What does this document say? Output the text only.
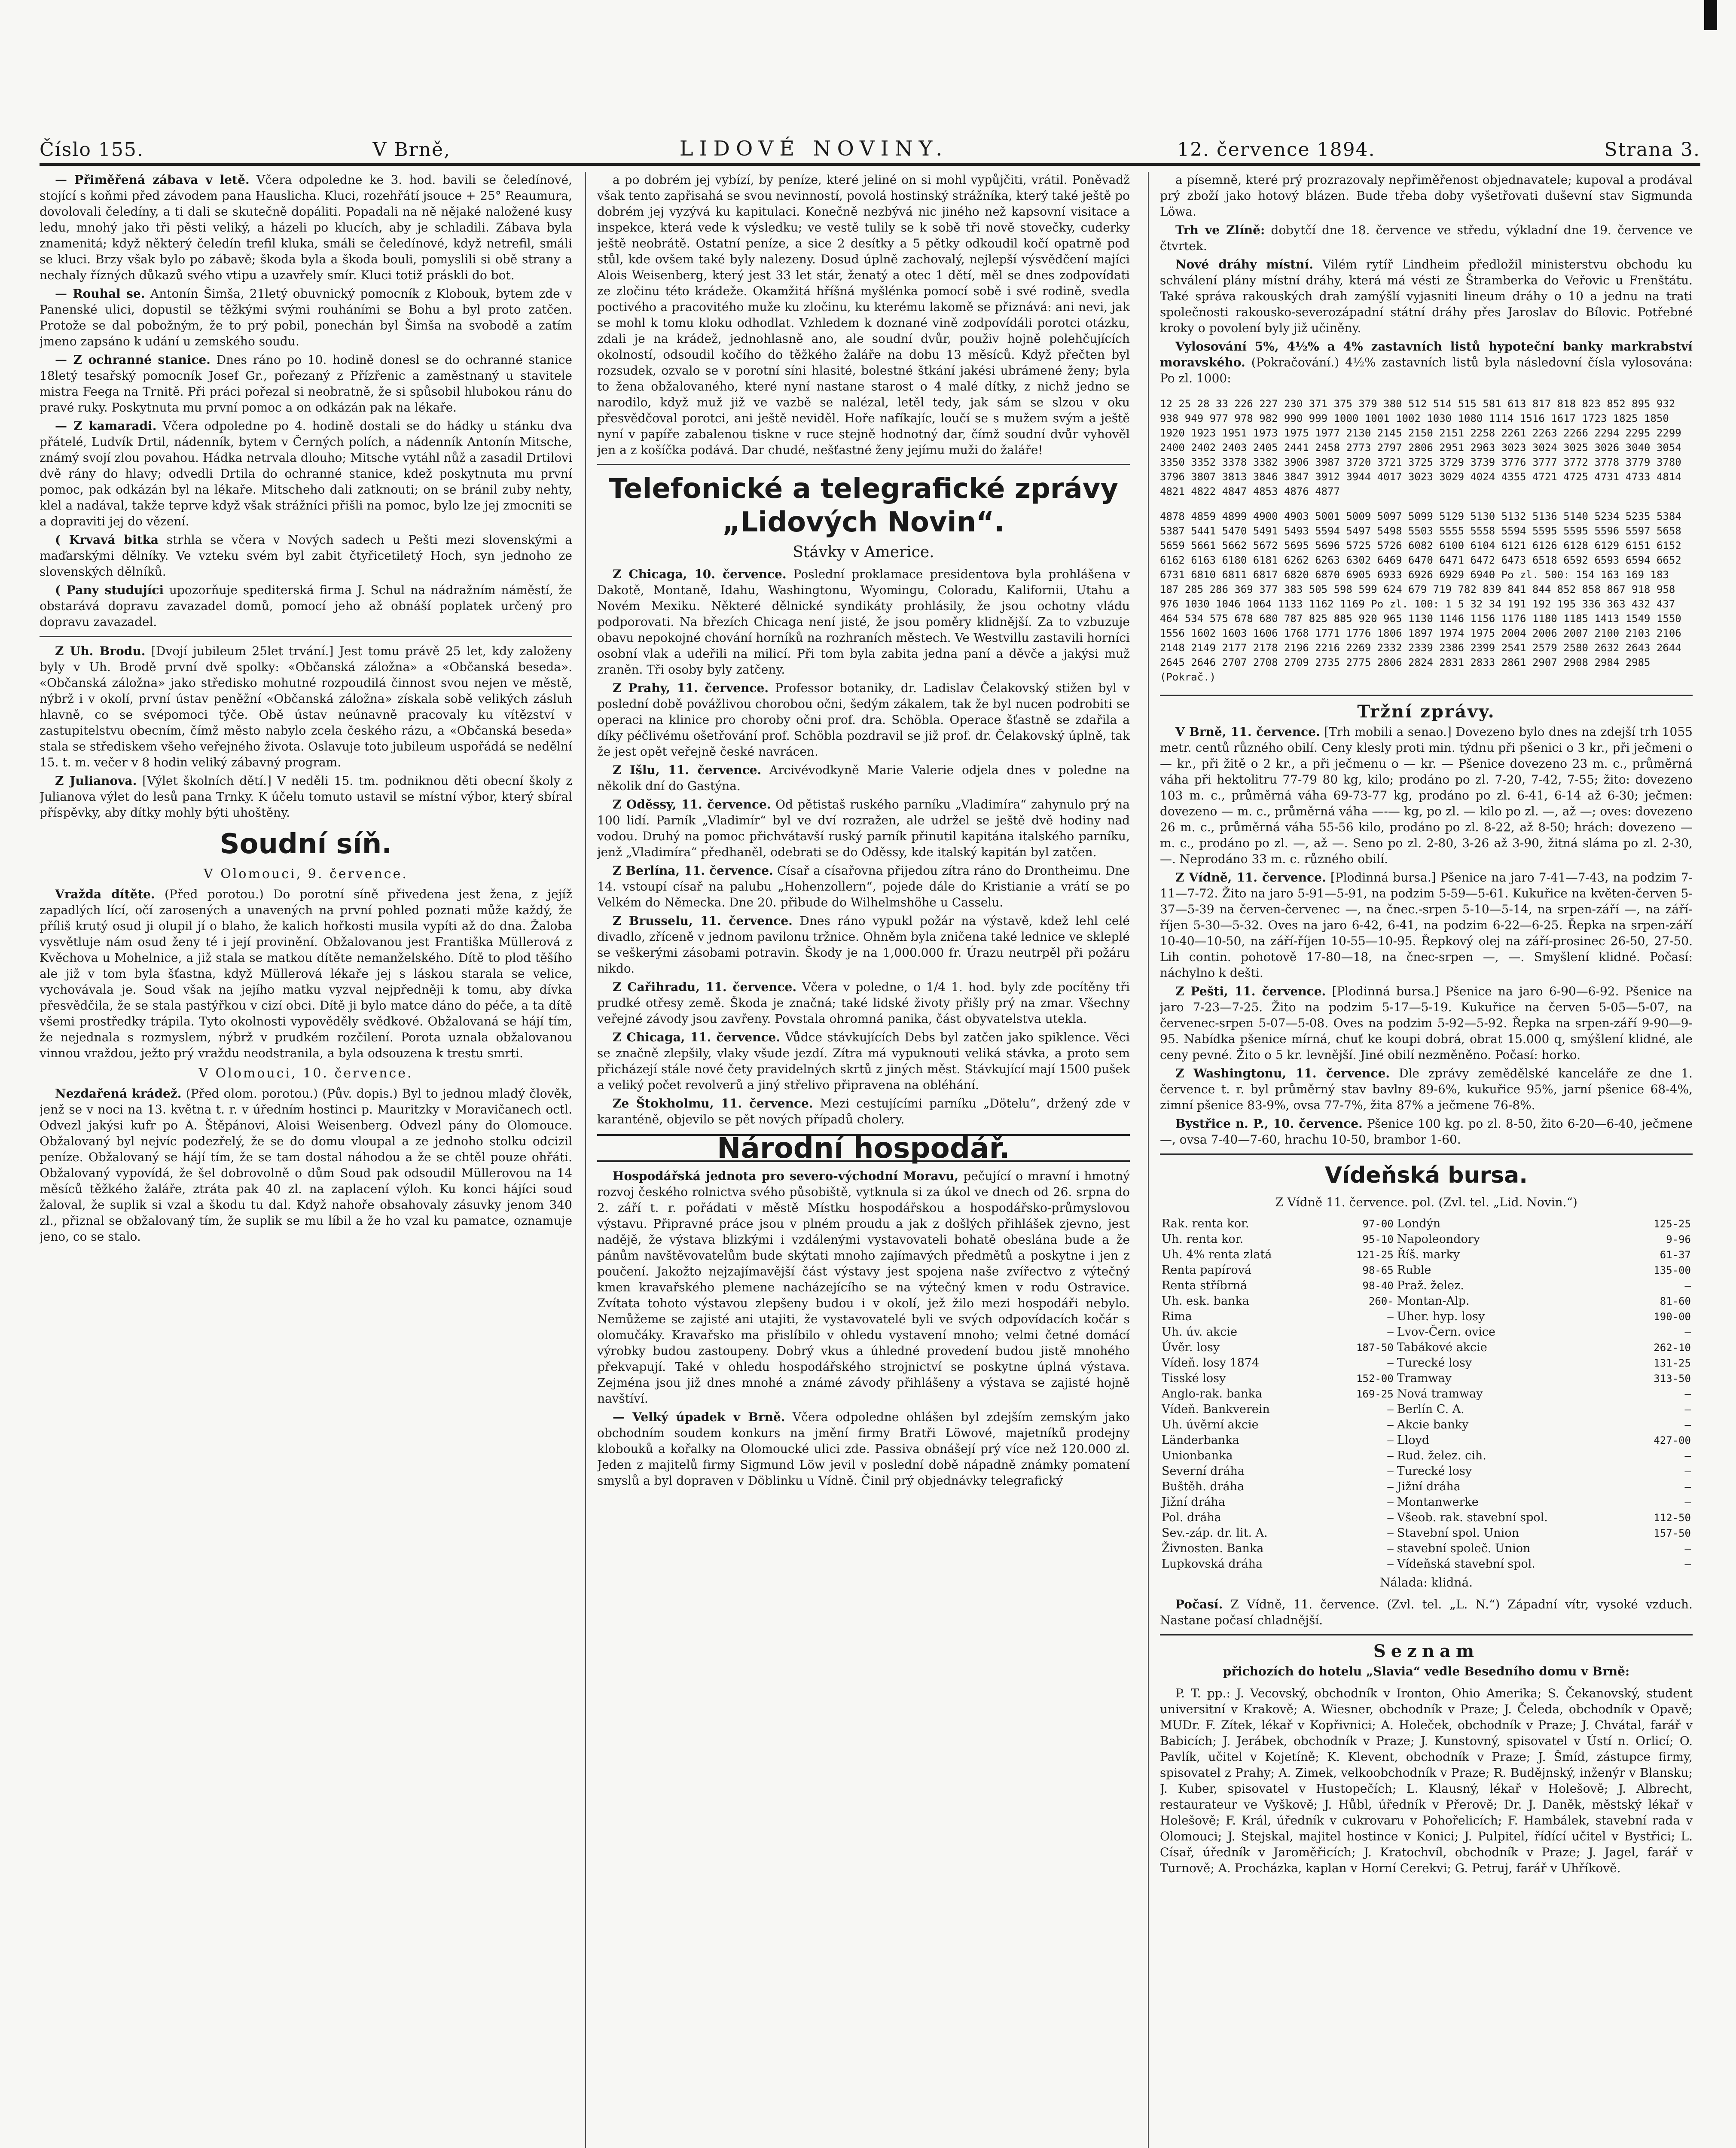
Číslo 155.	V Brně,	LIDOVÉ NOVINY.	12. července 1894.	Strana 3.

— Přiměřená zábava v letě. Včera odpoledne ke 3. hod. bavili se čeledínové, stojící s koňmi před závodem pana Hauslicha. Kluci, rozehřátí jsouce + 25° Reaumura, dovolovali čeledíny, a ti dali se skutečně dopáliti. Popadali na ně nějaké naložené kusy ledu, mnohý jako tři pěsti veliký, a házeli po klucích, aby je schladili. Zábava byla znamenitá; když některý čeledín trefil kluka, smáli se čeledínové, když netrefil, smáli se kluci. Brzy však bylo po zábavě; škoda byla a škoda bouli, pomyslili si obě strany a nechaly řízných důkazů svého vtipu a uzavřely smír. Kluci totiž práskli do bot.

— Rouhal se. Antonín Šimša, 21letý obuvnický pomocník z Klobouk, bytem zde v Panenské ulici, dopustil se těžkými svými rouháními se Bohu a byl proto zatčen. Protože se dal pobožným, že to prý pobil, ponechán byl Šimša na svobodě a zatím jmeno zapsáno k udání u zemského soudu.

— Z ochranné stanice. Dnes ráno po 10. hodině donesl se do ochranné stanice 18letý tesařský pomocník Josef Gr., pořezaný z Přízřenic a zaměstnaný u stavitele mistra Feega na Trnitě. Při práci pořezal si neobratně, že si spůsobil hlubokou ránu do pravé ruky. Poskytnuta mu první pomoc a on odkázán pak na lékaře.

— Z kamaradi. Včera odpoledne po 4. hodině dostali se do hádky u stánku dva přátelé, Ludvík Drtil, nádenník, bytem v Černých polích, a nádenník Antonín Mitsche, známý svojí zlou povahou. Hádka netrvala dlouho; Mitsche vytáhl nůž a zasadil Drtilovi dvě rány do hlavy; odvedli Drtila do ochranné stanice, kdež poskytnuta mu první pomoc, pak odkázán byl na lékaře. Mitscheho dali zatknouti; on se bránil zuby nehty, klel a nadával, takže teprve když však strážníci přišli na pomoc, bylo lze jej zmocniti se a dopraviti jej do vězení.

( Krvavá bitka strhla se včera v Nových sadech u Pešti mezi slovenskými a maďarskými dělníky. Ve vzteku svém byl zabit čtyřicetiletý Hoch, syn jednoho ze slovenských dělníků.

( Pany studujíci upozorňuje spediterská firma J. Schul na nádražním náměstí, že obstarává dopravu zavazadel domů, pomocí jeho až obnáší poplatek určený pro dopravu zavazadel.

Z Uh. Brodu. [Dvojí jubileum 25let trvání.] Jest tomu právě 25 let, kdy založeny byly v Uh. Brodě první dvě spolky: «Občanská záložna» a «Občanská beseda». «Občanská záložna» jako středisko mohutné rozpoudilá činnost svou nejen ve městě, nýbrž i v okolí, první ústav peněžní «Občanská záložna» získala sobě velikých zásluh hlavně, co se svépomoci týče. Obě ústav neúnavně pracovaly ku vítězství v zastupitelstvu obecním, čímž město nabylo zcela českého rázu, a «Občanská beseda» stala se střediskem všeho veřejného života. Oslavuje toto jubileum uspořádá se nedělní 15. t. m. večer v 8 hodin veliký zábavný program.

Z Julianova. [Výlet školních dětí.] V neděli 15. tm. podniknou děti obecní školy z Julianova výlet do lesů pana Trnky. K účelu tomuto ustavil se místní výbor, který sbíral příspěvky, aby dítky mohly býti uhoštěny.

Soudní síň.
V Olomouci, 9. července.

Vražda dítěte. (Před porotou.) Do porotní síně přivedena jest žena, z jejíž zapadlých lící, očí zarosených a unavených na první pohled poznati může každý, že příliš krutý osud ji olupil jí o blaho, že kalich hořkosti musila vypíti až do dna. Žaloba vysvětluje nám osud ženy té i její provinění. Obžalovanou jest Františka Müllerová z Kvěchova u Mohelnice, a již stala se matkou dítěte nemanželského. Dítě to plod těšího ale již v tom byla šťastna, když Müllerová lékaře jej s láskou starala se velice, vychovávala je. Soud však na jejího matku vyzval nejpředněji k tomu, aby dívka přesvědčila, že se stala pastýřkou v cizí obci. Dítě ji bylo matce dáno do péče, a ta dítě všemi prostředky trápila. Tyto okolnosti vypověděly svědkové. Obžalovaná se hájí tím, že nejednala s rozmyslem, nýbrž v prudkém rozčilení. Porota uznala obžalovanou vinnou vraždou, ježto prý vraždu neodstranila, a byla odsouzena k trestu smrti.

V Olomouci, 10. července.

Nezdařená krádež. (Před olom. porotou.) (Pův. dopis.) Byl to jednou mladý člověk, jenž se v noci na 13. května t. r. v úředním hostinci p. Mauritzky v Moravičanech octl. Odvezl jakýsi kufr po A. Štěpánovi, Aloisi Weisenberg. Odvezl pány do Olomouce. Obžalovaný byl nejvíc podezřelý, že se do domu vloupal a ze jednoho stolku odcizil peníze. Obžalovaný se hájí tím, že se tam dostal náhodou a že se chtěl pouze ohřáti. Obžalovaný vypovídá, že šel dobrovolně o dům Soud pak odsoudil Müllerovou na 14 měsíců těžkého žaláře, ztráta pak 40 zl. na zaplacení výloh. Ku konci hájíci soud žaloval, že suplik si vzal a škodu tu dal. Když nahoře obsahovaly zásuvky jenom 340 zl., přiznal se obžalovaný tím, že suplik se mu líbil a že ho vzal ku pamatce, oznamuje jeno, co se stalo.

a po dobrém jej vybízí, by peníze, které jeliné on si mohl vypůjčiti, vrátil. Poněvadž však tento zapřisahá se svou nevinností, povolá hostinský strážníka, který také ještě po dobrém jej vyzývá ku kapitulaci. Konečně nezbývá nic jiného než kapsovní visitace a inspekce, která vede k výsledku; ve vestě tulily se k sobě tři nově stovečky, cuderky ještě neobrátě. Ostatní peníze, a sice 2 desítky a 5 pětky odkoudil kočí opatrně pod stůl, kde ovšem také byly nalezeny. Dosud úplně zachovalý, nejlepší výsvědčení majíci Alois Weisenberg, který jest 33 let stár, ženatý a otec 1 dětí, měl se dnes zodpovídati ze zločinu této krádeže. Okamžitá hříšná myšlénka pomocí sobě i své rodině, svedla poctivého a pracovitého muže ku zločinu, ku kterému lakomě se přiznává: ani nevi, jak se mohl k tomu kloku odhodlat. Vzhledem k doznané vině zodpovídáli porotci otázku, zdali je na krádež, jednohlasně ano, ale soudní dvůr, použiv hojně polehčujících okolností, odsoudil kočího do těžkého žaláře na dobu 13 měsíců. Když přečten byl rozsudek, ozvalo se v porotní síni hlasité, bolestné štkání jakési ubrámené ženy; byla to žena obžalovaného, které nyní nastane starost o 4 malé dítky, z nichž jedno se narodilo, když muž již ve vazbě se nalézal, letěl tedy, jak sám se slzou v oku přesvědčoval porotci, ani ještě neviděl. Hoře nafíkajíc, loučí se s mužem svým a ještě nyní v papíře zabalenou tiskne v ruce stejně hodnotný dar, čímž soudní dvůr vyhověl jen a z košíčka podává. Dar chudé, nešťastné ženy jejímu muži do žaláře!

Telefonické a telegrafické zprávy „Lidových Novin“.
Stávky v Americe.

Z Chicaga, 10. července. Poslední proklamace presidentova byla prohlášena v Dakotě, Montaně, Idahu, Washingtonu, Wyomingu, Coloradu, Kalifornii, Utahu a Novém Mexiku. Některé dělnické syndikáty prohlásily, že jsou ochotny vládu podporovati. Na březích Chicaga není jisté, že jsou poměry klidnější. Za to vzbuzuje obavu nepokojné chování horníků na rozhraních městech. Ve Westvillu zastavili horníci osobní vlak a udeřili na milicí. Při tom byla zabita jedna paní a děvče a jakýsi muž zraněn. Tři osoby byly zatčeny.

Z Prahy, 11. července. Professor botaniky, dr. Ladislav Čelakovský stižen byl v poslední době povážlivou chorobou očni, šedým zákalem, tak že byl nucen podrobiti se operaci na klinice pro choroby očni prof. dra. Schöbla. Operace šťastně se zdařila a díky péčlivému ošetřování prof. Schöbla pozdravil se již prof. dr. Čelakovský úplně, tak že jest opět veřejně české navrácen.

Z Išlu, 11. července. Arcivévodkyně Marie Valerie odjela dnes v poledne na několik dní do Gastýna.

Z Oděssy, 11. července. Od pětistaš ruského parníku „Vladimíra“ zahynulo prý na 100 lidí. Parník „Vladimír“ byl ve dví rozražen, ale udržel se ještě dvě hodiny nad vodou. Druhý na pomoc přichvátavší ruský parník přinutil kapitána italského parníku, jenž „Vladimíra“ předhaněl, odebrati se do Oděssy, kde italský kapitán byl zatčen.

Z Berlína, 11. července. Císař a císařovna přijedou zítra ráno do Drontheimu. Dne 14. vstoupí císař na palubu „Hohenzollern“, pojede dále do Kristianie a vrátí se po Velkém do Německa. Dne 20. přibude do Wilhelmshöhe u Casselu.

Z Brusselu, 11. července. Dnes ráno vypukl požár na výstavě, kdež lehl celé divadlo, zříceně v jednom pavilonu tržnice. Ohněm byla zničena také lednice ve skleplé se veškerými zásobami potravin. Škody je na 1,000.000 fr. Úrazu neutrpěl při požáru nikdo.

Z Cařihradu, 11. července. Včera v poledne, o 1/4 1. hod. byly zde pocítěny tři prudké otřesy země. Škoda je značná; také lidské životy přišly prý na zmar. Všechny veřejné závody jsou zavřeny. Povstala ohromná panika, část obyvatelstva utekla.

Z Chicaga, 11. července. Vůdce stávkujících Debs byl zatčen jako spiklence. Věci se značně zlepšily, vlaky všude jezdí. Zítra má vypuknouti veliká stávka, a proto sem přicházejí stále nové čety pravidelných skrtů z jiných měst. Stávkující mají 1500 pušek a veliký počet revolverů a jiný střelivo připravena na obléhání.

Ze Štokholmu, 11. července. Mezi cestujícími parníku „Dötelu“, držený zde v karanténě, objevilo se pět nových případů cholery.

Národní hospodář.

Hospodářská jednota pro severo-východní Moravu, pečující o mravní i hmotný rozvoj českého rolnictva svého působiště, vytknula si za úkol ve dnech od 26. srpna do 2. září t. r. pořádati v městě Místku hospodářskou a hospodářsko-průmyslovou výstavu. Připravné práce jsou v plném proudu a jak z došlých přihlášek zjevno, jest nadějě, že výstava blizkými i vzdálenými vystavovateli bohatě obeslána bude a že pánům navštěvovatelům bude skýtati mnoho zajímavých předmětů a poskytne i jen z poučení. Jakožto nejzajímavější část výstavy jest spojena naše zvířectvo z výtečný kmen kravařského plemene nacházejícího se na výtečný kmen v rodu Ostravice. Zvítata tohoto výstavou zlepšeny budou i v okolí, jež žilo mezi hospodáři nebylo. Nemůžeme se zajisté ani utajiti, že vystavovatelé byli ve svých odpovídacích kočár s olomučáky. Kravařsko ma přislíbilo v ohledu vystavení mnoho; velmi četné domácí výrobky budou zastoupeny. Dobrý vkus a úhledné provedení budou jistě mnohého překvapují. Také v ohledu hospodářského strojnictví se poskytne úplná výstava. Zejména jsou již dnes mnohé a známé závody přihlášeny a výstava se zajisté hojně navštíví.

— Velký úpadek v Brně. Včera odpoledne ohlášen byl zdejším zemským jako obchodním soudem konkurs na jmění firmy Bratři Löwové, majetníků prodejny klobouků a kořalky na Olomoucké ulici zde. Passiva obnášejí prý více než 120.000 zl. Jeden z majitelů firmy Sigmund Löw jevil v poslední době nápadně známky pomatení smyslů a byl dopraven v Döblinku u Vídně. Činil prý objednávky telegrafický

a písemně, které prý prozrazovaly nepřiměřenost objednavatele; kupoval a prodával prý zboží jako hotový blázen. Bude třeba doby vyšetřovati duševní stav Sigmunda Löwa.

Trh ve Zlíně: dobytčí dne 18. července ve středu, výkladní dne 19. července ve čtvrtek.

Nové dráhy místní. Vilém rytíř Lindheim předložil ministerstvu obchodu ku schválení plány místní dráhy, která má vésti ze Štramberka do Veřovic u Frenštátu. Také správa rakouských drah zamýšlí vyjasniti lineum dráhy o 10 a jednu na trati společnosti rakousko-severozápadní státní dráhy přes Jaroslav do Bílovic. Potřebné kroky o povolení byly již učiněny.

Vylosování 5%, 4½% a 4% zastavních listů hypoteční banky markrabství moravského. (Pokračování.) 4½% zastavních listů byla následovní čísla vylosována: Po zl. 1000:

12 25 28 33 226 227 230 371 375 379 380 512 514 515 581 613 817 818 823 852 895 932 938 949 977 978 982 990 999 1000 1001 1002 1030 1080 1114 1516 1617 1723 1825 1850 1920 1923 1951 1973 1975 1977 2130 2145 2150 2151 2258 2261 2263 2266 2294 2295 2299 2400 2402 2403 2405 2441 2458 2773 2797 2806 2951 2963 3023 3024 3025 3026 3040 3054 3350 3352 3378 3382 3906 3987 3720 3721 3725 3729 3739 3776 3777 3772 3778 3779 3780 3796 3807 3813 3846 3847 3912 3944 4017 3023 3029 4024 4355 4721 4725 4731 4733 4814 4821 4822 4847 4853 4876 4877

4878 4859 4899 4900 4903 5001 5009 5097 5099 5129 5130 5132 5136 5140 5234 5235 5384 5387 5441 5470 5491 5493 5594 5497 5498 5503 5555 5558 5594 5595 5595 5596 5597 5658 5659 5661 5662 5672 5695 5696 5725 5726 6082 6100 6104 6121 6126 6128 6129 6151 6152 6162 6163 6180 6181 6262 6263 6302 6469 6470 6471 6472 6473 6518 6592 6593 6594 6652 6731 6810 6811 6817 6820 6870 6905 6933 6926 6929 6940 Po zl. 500: 154 163 169 183 187 285 286 369 377 383 505 598 599 624 679 719 782 839 841 844 852 858 867 918 958 976 1030 1046 1064 1133 1162 1169 Po zl. 100: 1 5 32 34 191 192 195 336 363 432 437 464 534 575 678 680 787 825 885 920 965 1130 1146 1156 1176 1180 1185 1413 1549 1550 1556 1602 1603 1606 1768 1771 1776 1806 1897 1974 1975 2004 2006 2007 2100 2103 2106 2148 2149 2177 2178 2196 2216 2269 2332 2339 2386 2399 2541 2579 2580 2632 2643 2644 2645 2646 2707 2708 2709 2735 2775 2806 2824 2831 2833 2861 2907 2908 2984 2985 (Pokrač.)

Tržní zprávy.

V Brně, 11. července. [Trh mobili a senao.] Dovezeno bylo dnes na zdejší trh 1055 metr. centů různého obilí. Ceny klesly proti min. týdnu při pšenici o 3 kr., při ječmeni o — kr., při žitě o 2 kr., a při ječmenu o — kr. — Pšenice dovezeno 23 m. c., průměrná váha při hektolitru 77-79 80 kg, kilo; prodáno po zl. 7-20, 7-42, 7-55; žito: dovezeno 103 m. c., průměrná váha 69-73-77 kg, prodáno po zl. 6-41, 6-14 až 6-30; ječmen: dovezeno — m. c., průměrná váha —-— kg, po zl. — kilo po zl. —, až —; oves: dovezeno 26 m. c., průměrná váha 55-56 kilo, prodáno po zl. 8-22, až 8-50; hrách: dovezeno — m. c., prodáno po zl. —, až —. Seno po zl. 2-80, 3-26 až 3-90, žitná sláma po zl. 2-30, —. Neprodáno 33 m. c. různého obilí.

Z Vídně, 11. července. [Plodinná bursa.] Pšenice na jaro 7-41—7-43, na podzim 7-11—7-72. Žito na jaro 5-91—5-91, na podzim 5-59—5-61. Kukuřice na květen-červen 5-37—5-39 na červen-červenec —, na čnec.-srpen 5-10—5-14, na srpen-září —, na září-říjen 5-30—5-32. Oves na jaro 6-42, 6-41, na podzim 6-22—6-25. Řepka na srpen-září 10-40—10-50, na září-říjen 10-55—10-95. Řepkový olej na září-prosinec 26-50, 27-50. Lih contin. pohotově 17-80—18, na čnec-srpen —, —. Smyšlení klidné. Počasí: náchylno k dešti.

Z Pešti, 11. července. [Plodinná bursa.] Pšenice na jaro 6-90—6-92. Pšenice na jaro 7-23—7-25. Žito na podzim 5-17—5-19. Kukuřice na červen 5-05—5-07, na červenec-srpen 5-07—5-08. Oves na podzim 5-92—5-92. Řepka na srpen-září 9-90—9-95. Nabídka pšenice mírná, chuť ke koupi dobrá, obrat 15.000 q, smýšlení klidné, ale ceny pevné. Žito o 5 kr. levnější. Jiné obilí nezměněno. Počasí: horko.

Z Washingtonu, 11. července. Dle zprávy zemědělské kanceláře ze dne 1. července t. r. byl průměrný stav bavlny 89-6%, kukuřice 95%, jarní pšenice 68-4%, zimní pšenice 83-9%, ovsa 77-7%, žita 87% a ječmene 76-8%.

Bystřice n. P., 10. července. Pšenice 100 kg. po zl. 8-50, žito 6-20—6-40, ječmene —, ovsa 7-40—7-60, hrachu 10-50, brambor 1-60.

Vídeňská bursa.
Z Vídně 11. července. pol. (Zvl. tel. „Lid. Novin.“)
Rak. renta kor.	97-00	Londýn	125-25
Uh. renta kor.	95-10	Napoleondory	9-96
Uh. 4% renta zlatá	121-25	Říš. marky	61-37
Renta papírová	98-65	Ruble	135-00
Renta stříbrná	98-40	Praž. želez.	—
Uh. esk. banka	260-	Montan-Alp.	81-60
Rima	—	Uher. hyp. losy	190-00
Uh. úv. akcie	—	Lvov-Čern. ovice	—
Úvěr. losy	187-50	Tabákové akcie	262-10
Vídeň. losy 1874	—	Turecké losy	131-25
Tisské losy	152-00	Tramway	313-50
Anglo-rak. banka	169-25	Nová tramway	—
Vídeň. Bankverein	—	Berlín C. A.	—
Uh. úvěrní akcie	—	Akcie banky	—
Länderbanka	—	Lloyd	427-00
Unionbanka	—	Rud. želez. cih.	—
Severní dráha	—	Turecké losy	—
Buštěh. dráha	—	Jižní dráha	—
Jižní dráha	—	Montanwerke	—
Pol. dráha	—	Všeob. rak. stavební spol.	112-50
Sev.-záp. dr. lit. A.	—	Stavební spol. Union	157-50
Živnosten. Banka	—	stavební společ. Union	—
Lupkovská dráha	—	Vídeňská stavební spol.	—
Nálada: klidná.

Počasí. Z Vídně, 11. července. (Zvl. tel. „L. N.“) Západní vítr, vysoké vzduch. Nastane počasí chladnější.

Seznam
přichozích do hotelu „Slavia“ vedle Besedního domu v Brně:

P. T. pp.: J. Vecovský, obchodník v Ironton, Ohio Amerika; S. Čekanovský, student universitní v Krakově; A. Wiesner, obchodník v Praze; J. Čeleda, obchodník v Opavě; MUDr. F. Zítek, lékař v Kopřivnici; A. Holeček, obchodník v Praze; J. Chvátal, farář v Babicích; J. Jerábek, obchodník v Praze; J. Kunstovný, spisovatel v Ústí n. Orlicí; O. Pavlík, učitel v Kojetíně; K. Klevent, obchodník v Praze; J. Šmíd, zástupce firmy, spisovatel z Prahy; A. Zimek, velkoobchodník v Praze; R. Budějnský, inženýr v Blansku; J. Kuber, spisovatel v Hustopečích; L. Klausný, lékař v Holešově; J. Albrecht, restaurateur ve Vyškově; J. Hůbl, úředník v Přerově; Dr. J. Daněk, městský lékař v Holešově; F. Král, úředník v cukrovaru v Pohořelicích; F. Hambálek, stavební rada v Olomouci; J. Stejskal, majitel hostince v Konici; J. Pulpitel, řídící učitel v Bystřici; L. Císař, úředník v Jaroměřicích; J. Kratochvíl, obchodník v Praze; J. Jagel, farář v Turnově; A. Procházka, kaplan v Horní Cerekvi; G. Petruj, farář v Uhříkově.
